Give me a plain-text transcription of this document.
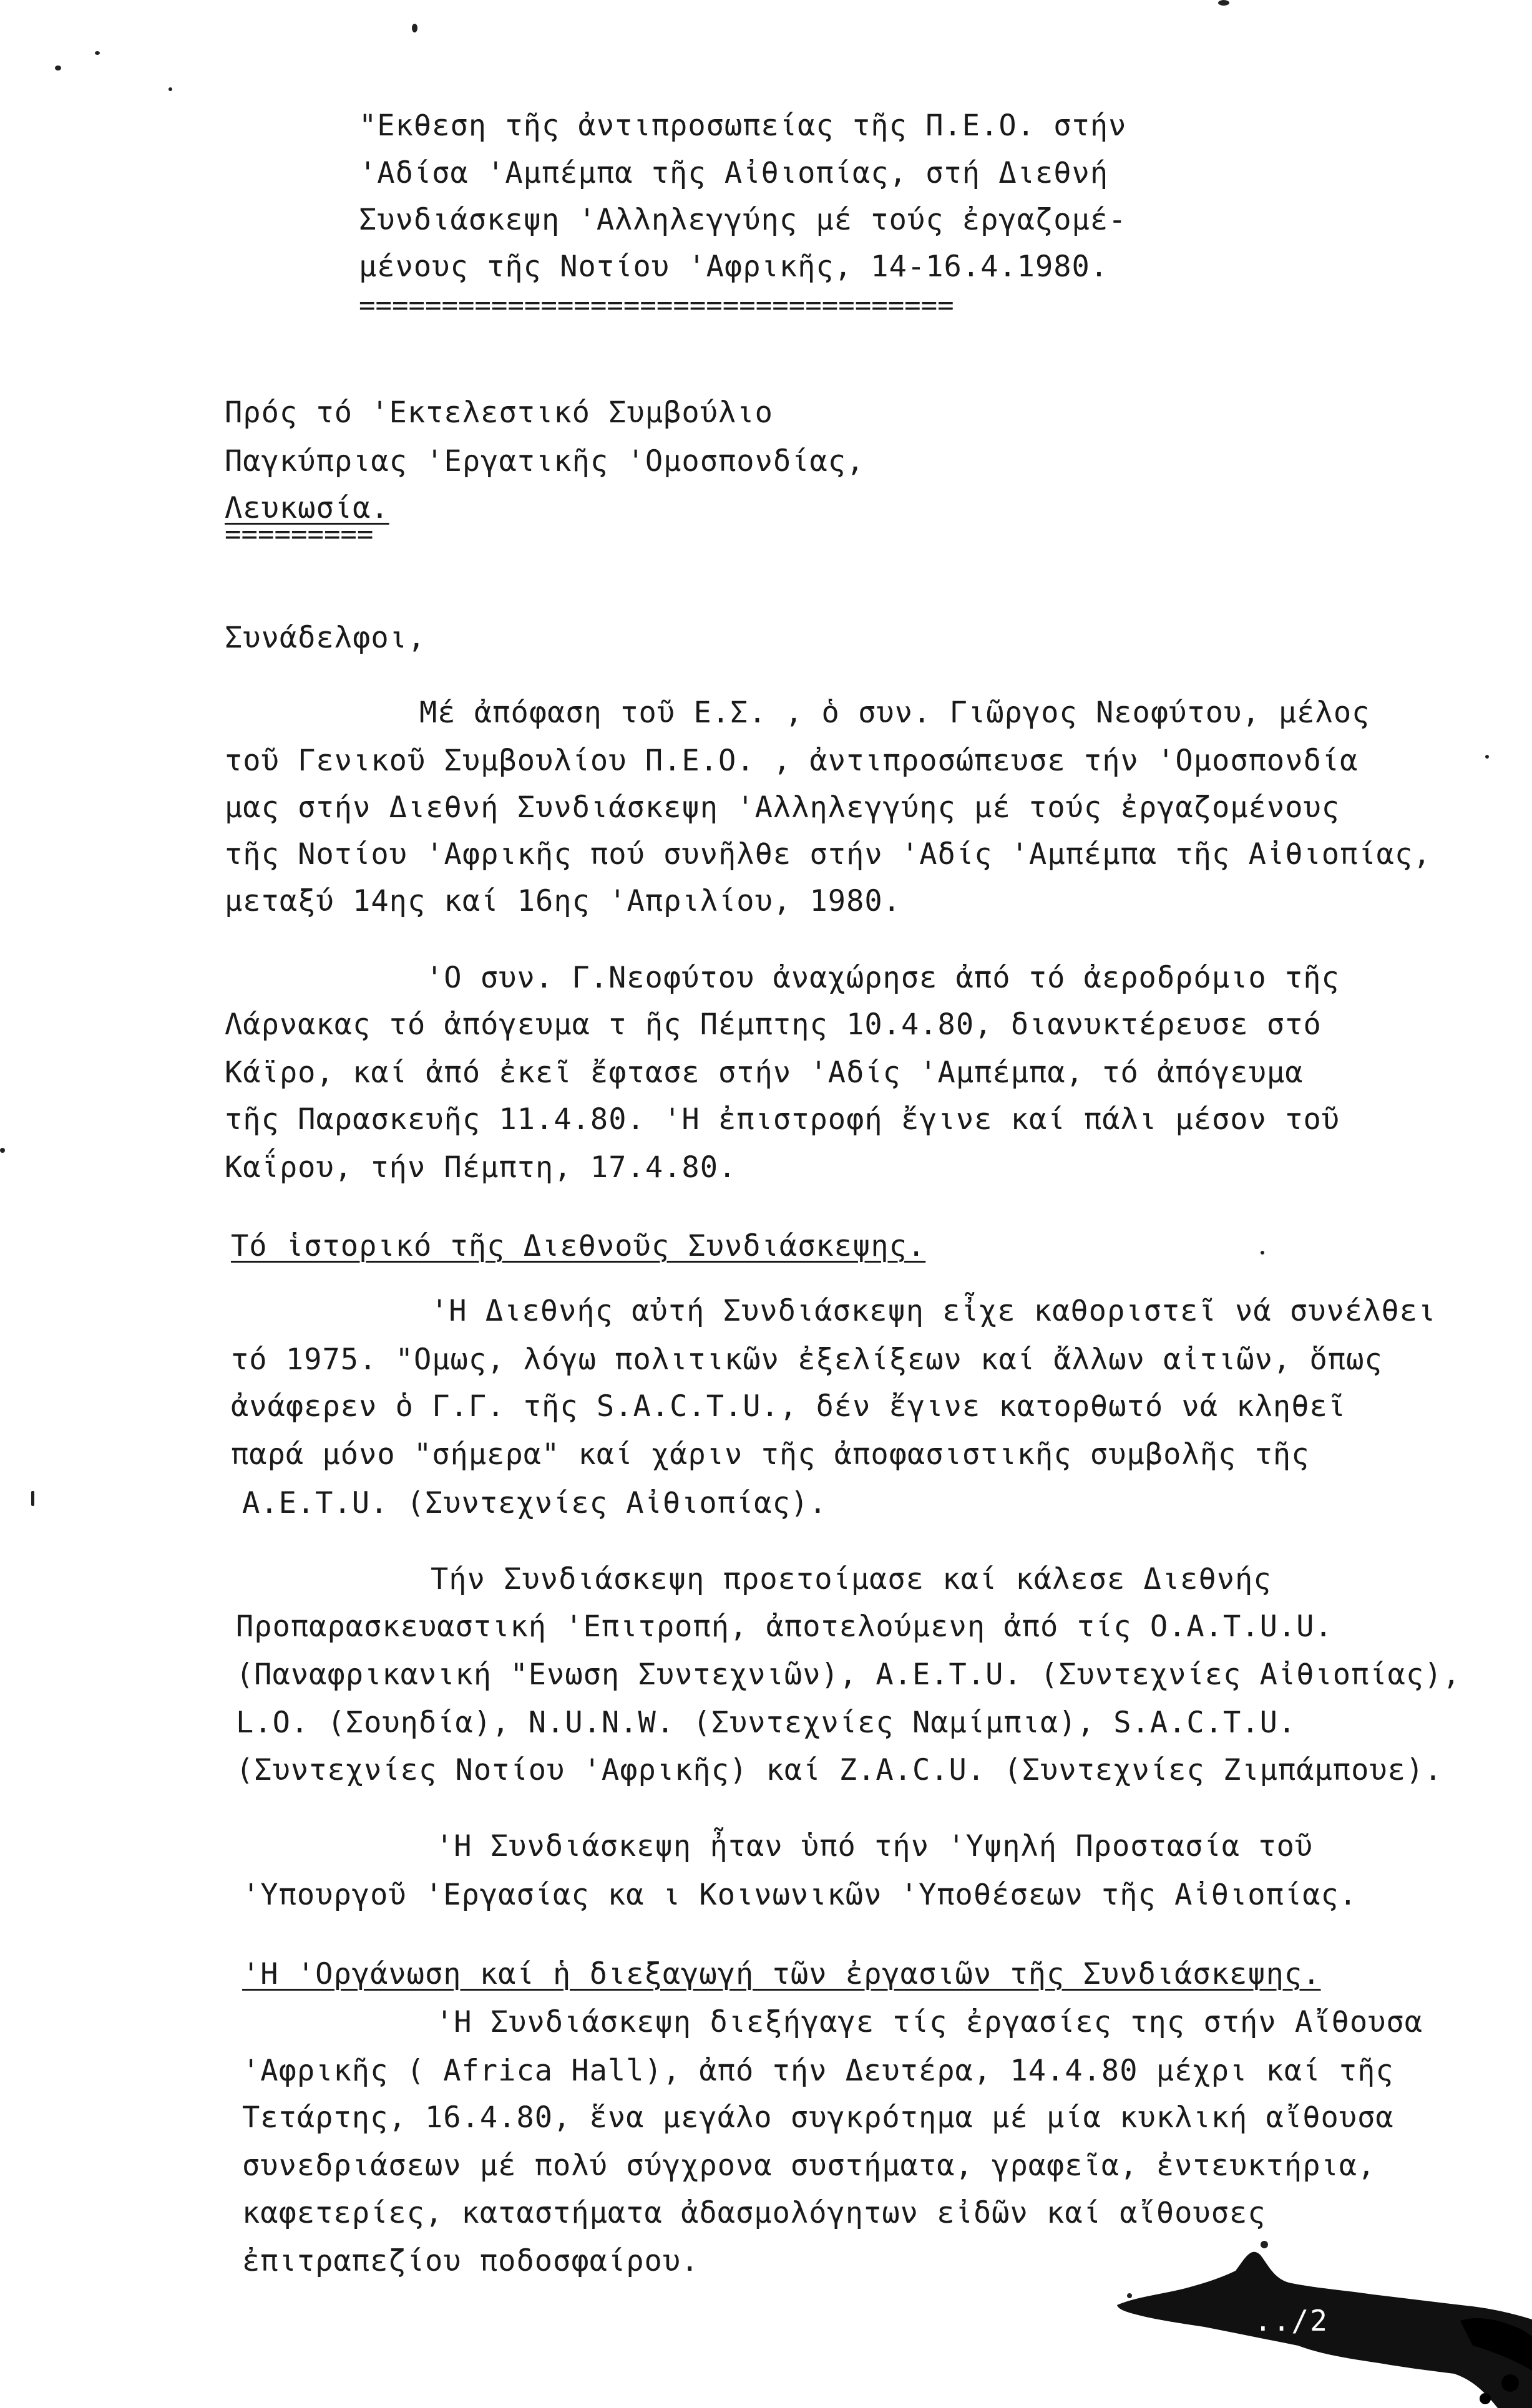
"Εκθεση τῆς ἀντιπροσωπείας τῆς Π.Ε.Ο. στήν
'Αδίσα 'Αμπέμπα τῆς Αἰθιοπίας, στή Διεθνή
Συνδιάσκεψη 'Αλληλεγγύης μέ τούς ἐργαζομέ-
μένους τῆς Νοτίου 'Αφρικῆς, 14-16.4.1980.
====================================
Πρός τό 'Εκτελεστικό Συμβούλιο
Παγκύπριας 'Εργατικῆς 'Ομοσπονδίας,
Λευκωσία.
=========
Συνάδελφοι,
Μέ ἀπόφαση τοῦ Ε.Σ. , ὁ συν. Γιῶργος Νεοφύτου, μέλος
τοῦ Γενικοῦ Συμβουλίου Π.Ε.Ο. , ἀντιπροσώπευσε τήν 'Ομοσπονδία
μας στήν Διεθνή Συνδιάσκεψη 'Αλληλεγγύης μέ τούς ἐργαζομένους
τῆς Νοτίου 'Αφρικῆς πού συνῆλθε στήν 'Αδίς 'Αμπέμπα τῆς Αἰθιοπίας,
μεταξύ 14ης καί 16ης 'Απριλίου, 1980.
'Ο συν. Γ.Νεοφύτου ἀναχώρησε ἀπό τό ἀεροδρόμιο τῆς
Λάρνακας τό ἀπόγευμα τ ῆς Πέμπτης 10.4.80, διανυκτέρευσε στό
Κάϊρο, καί ἀπό ἐκεῖ ἔφτασε στήν 'Αδίς 'Αμπέμπα, τό ἀπόγευμα
τῆς Παρασκευῆς 11.4.80. 'Η ἐπιστροφή ἔγινε καί πάλι μέσον τοῦ
Καΐρου, τήν Πέμπτη, 17.4.80.
Τό ἱστορικό τῆς Διεθνοῦς Συνδιάσκεψης.
'Η Διεθνής αὐτή Συνδιάσκεψη εἶχε καθοριστεῖ νά συνέλθει
τό 1975. "Ομως, λόγω πολιτικῶν ἐξελίξεων καί ἄλλων αἰτιῶν, ὅπως
ἀνάφερεν ὁ Γ.Γ. τῆς S.A.C.T.U., δέν ἔγινε κατορθωτό νά κληθεῖ
παρά μόνο "σήμερα" καί χάριν τῆς ἀποφασιστικῆς συμβολῆς τῆς
A.E.T.U. (Συντεχνίες Αἰθιοπίας).
Τήν Συνδιάσκεψη προετοίμασε καί κάλεσε Διεθνής
Προπαρασκευαστική 'Επιτροπή, ἀποτελούμενη ἀπό τίς O.A.T.U.U.
(Παναφρικανική "Ενωση Συντεχνιῶν), A.E.T.U. (Συντεχνίες Αἰθιοπίας),
L.O. (Σουηδία), N.U.N.W. (Συντεχνίες Ναμίμπια), S.A.C.T.U.
(Συντεχνίες Νοτίου 'Αφρικῆς) καί Z.A.C.U. (Συντεχνίες Ζιμπάμπουε).
'Η Συνδιάσκεψη ἦταν ὑπό τήν 'Υψηλή Προστασία τοῦ
'Υπουργοῦ 'Εργασίας κα ι Κοινωνικῶν 'Υποθέσεων τῆς Αἰθιοπίας.
'Η 'Οργάνωση καί ἡ διεξαγωγή τῶν ἐργασιῶν τῆς Συνδιάσκεψης.
'Η Συνδιάσκεψη διεξήγαγε τίς ἐργασίες της στήν Αἴθουσα
'Αφρικῆς ( Africa Hall), ἀπό τήν Δευτέρα, 14.4.80 μέχρι καί τῆς
Τετάρτης, 16.4.80, ἕνα μεγάλο συγκρότημα μέ μία κυκλική αἴθουσα
συνεδριάσεων μέ πολύ σύγχρονα συστήματα, γραφεῖα, ἐντευκτήρια,
καφετερίες, καταστήματα ἀδασμολόγητων εἰδῶν καί αἴθουσες
ἐπιτραπεζίου ποδοσφαίρου.
../2
